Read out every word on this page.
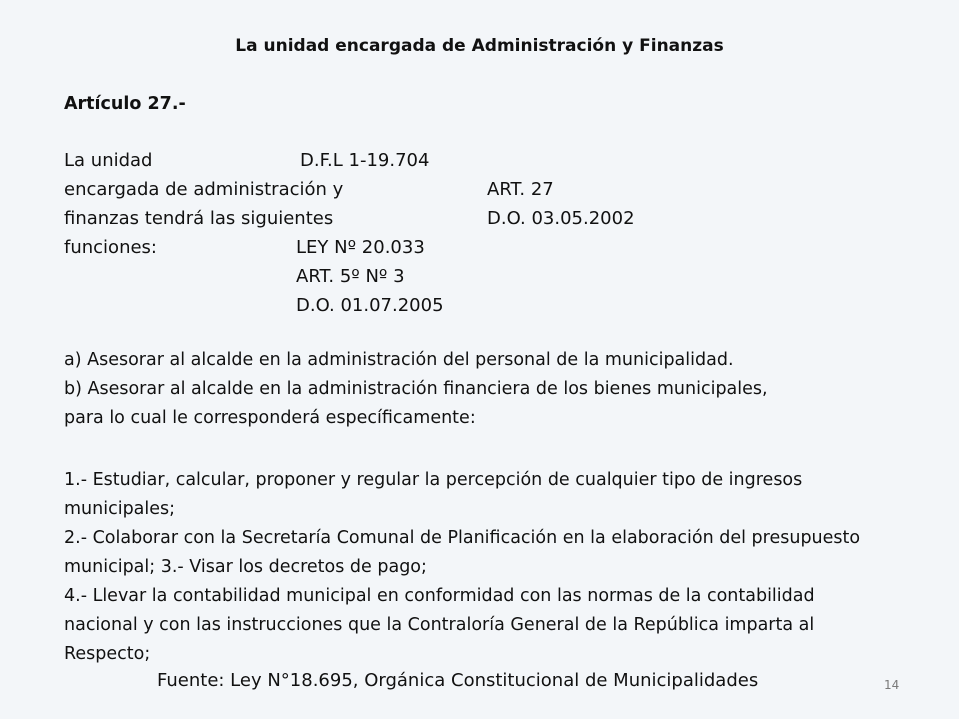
La unidad encargada de Administración y Finanzas
Artículo 27.-
La unidad
encargada de administración y
finanzas tendrá las siguientes
funciones:
D.F.L 1-19.704
LEY Nº 20.033
ART. 5º Nº 3
D.O. 01.07.2005
ART. 27
D.O. 03.05.2002
a) Asesorar al alcalde en la administración del personal de la municipalidad.
b) Asesorar al alcalde en la administración financiera de los bienes municipales,
para lo cual le corresponderá específicamente:
1.- Estudiar, calcular, proponer y regular la percepción de cualquier tipo de ingresos
municipales;
2.- Colaborar con la Secretaría Comunal de Planificación en la elaboración del presupuesto
municipal; 3.- Visar los decretos de pago;
4.- Llevar la contabilidad municipal en conformidad con las normas de la contabilidad
nacional y con las instrucciones que la Contraloría General de la República imparta al
Respecto;
Fuente: Ley N°18.695, Orgánica Constitucional de Municipalidades	14
